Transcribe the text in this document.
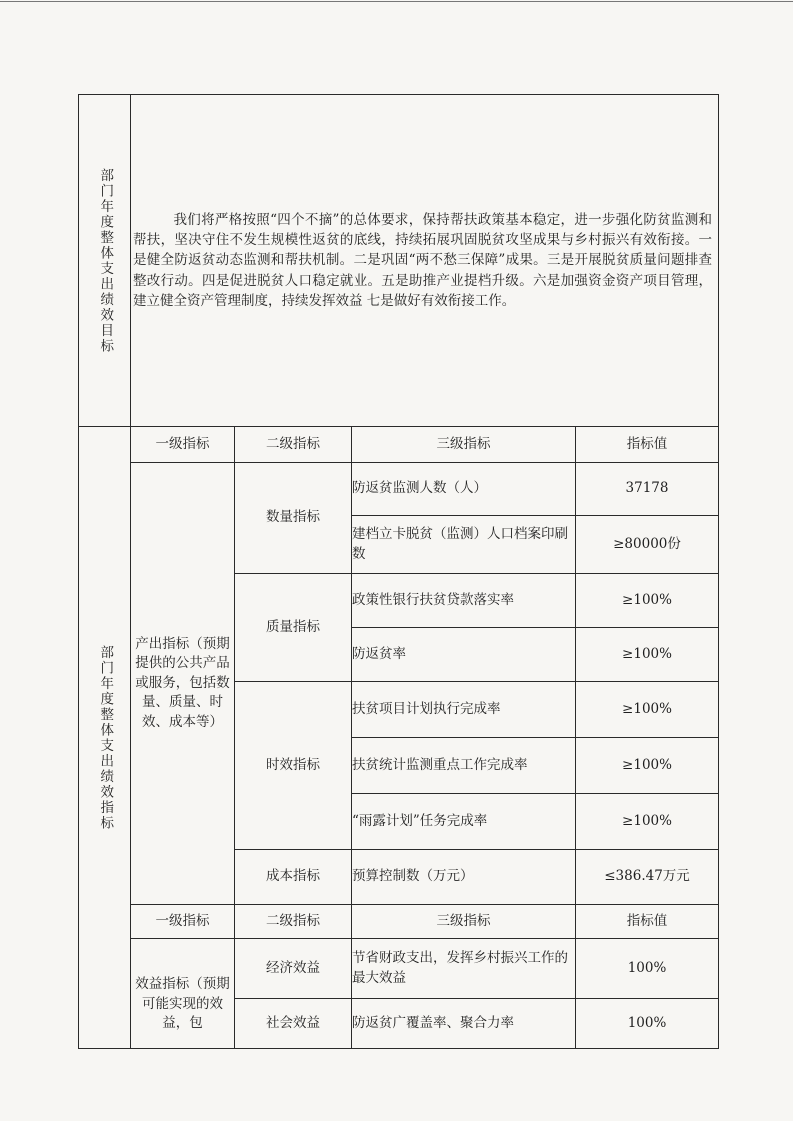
部门年度整体支出绩效目标	我们将严格按照“四个不摘”的总体要求，保持帮扶政策基本稳定，进一步强化防贫监测和帮扶，坚决守住不发生规模性返贫的底线，持续拓展巩固脱贫攻坚成果与乡村振兴有效衔接。一是健全防返贫动态监测和帮扶机制。二是巩固“两不愁三保障”成果。三是开展脱贫质量问题排查整改行动。四是促进脱贫人口稳定就业。五是助推产业提档升级。六是加强资金资产项目管理，建立健全资产管理制度，持续发挥效益 七是做好有效衔接工作。			

部门年度整体支出绩效指标	一级指标	二级指标	三级指标	指标值

	产出指标（预期提供的公共产品或服务，包括数量、质量、时效、成本等）	数量指标	防返贫监测人数（人）	37178
			建档立卡脱贫（监测）人口档案印刷数	≥80000份
		质量指标	政策性银行扶贫贷款落实率	≥100%
			防返贫率	≥100%
		时效指标	扶贫项目计划执行完成率	≥100%
			扶贫统计监测重点工作完成率	≥100%
			“雨露计划”任务完成率	≥100%
		成本指标	预算控制数（万元）	≤386.47万元
	一级指标	二级指标	三级指标	指标值

	效益指标（预期可能实现的效益，包	经济效益	节省财政支出，发挥乡村振兴工作的最大效益	100%
		社会效益	防返贫广覆盖率、聚合力率	100%
